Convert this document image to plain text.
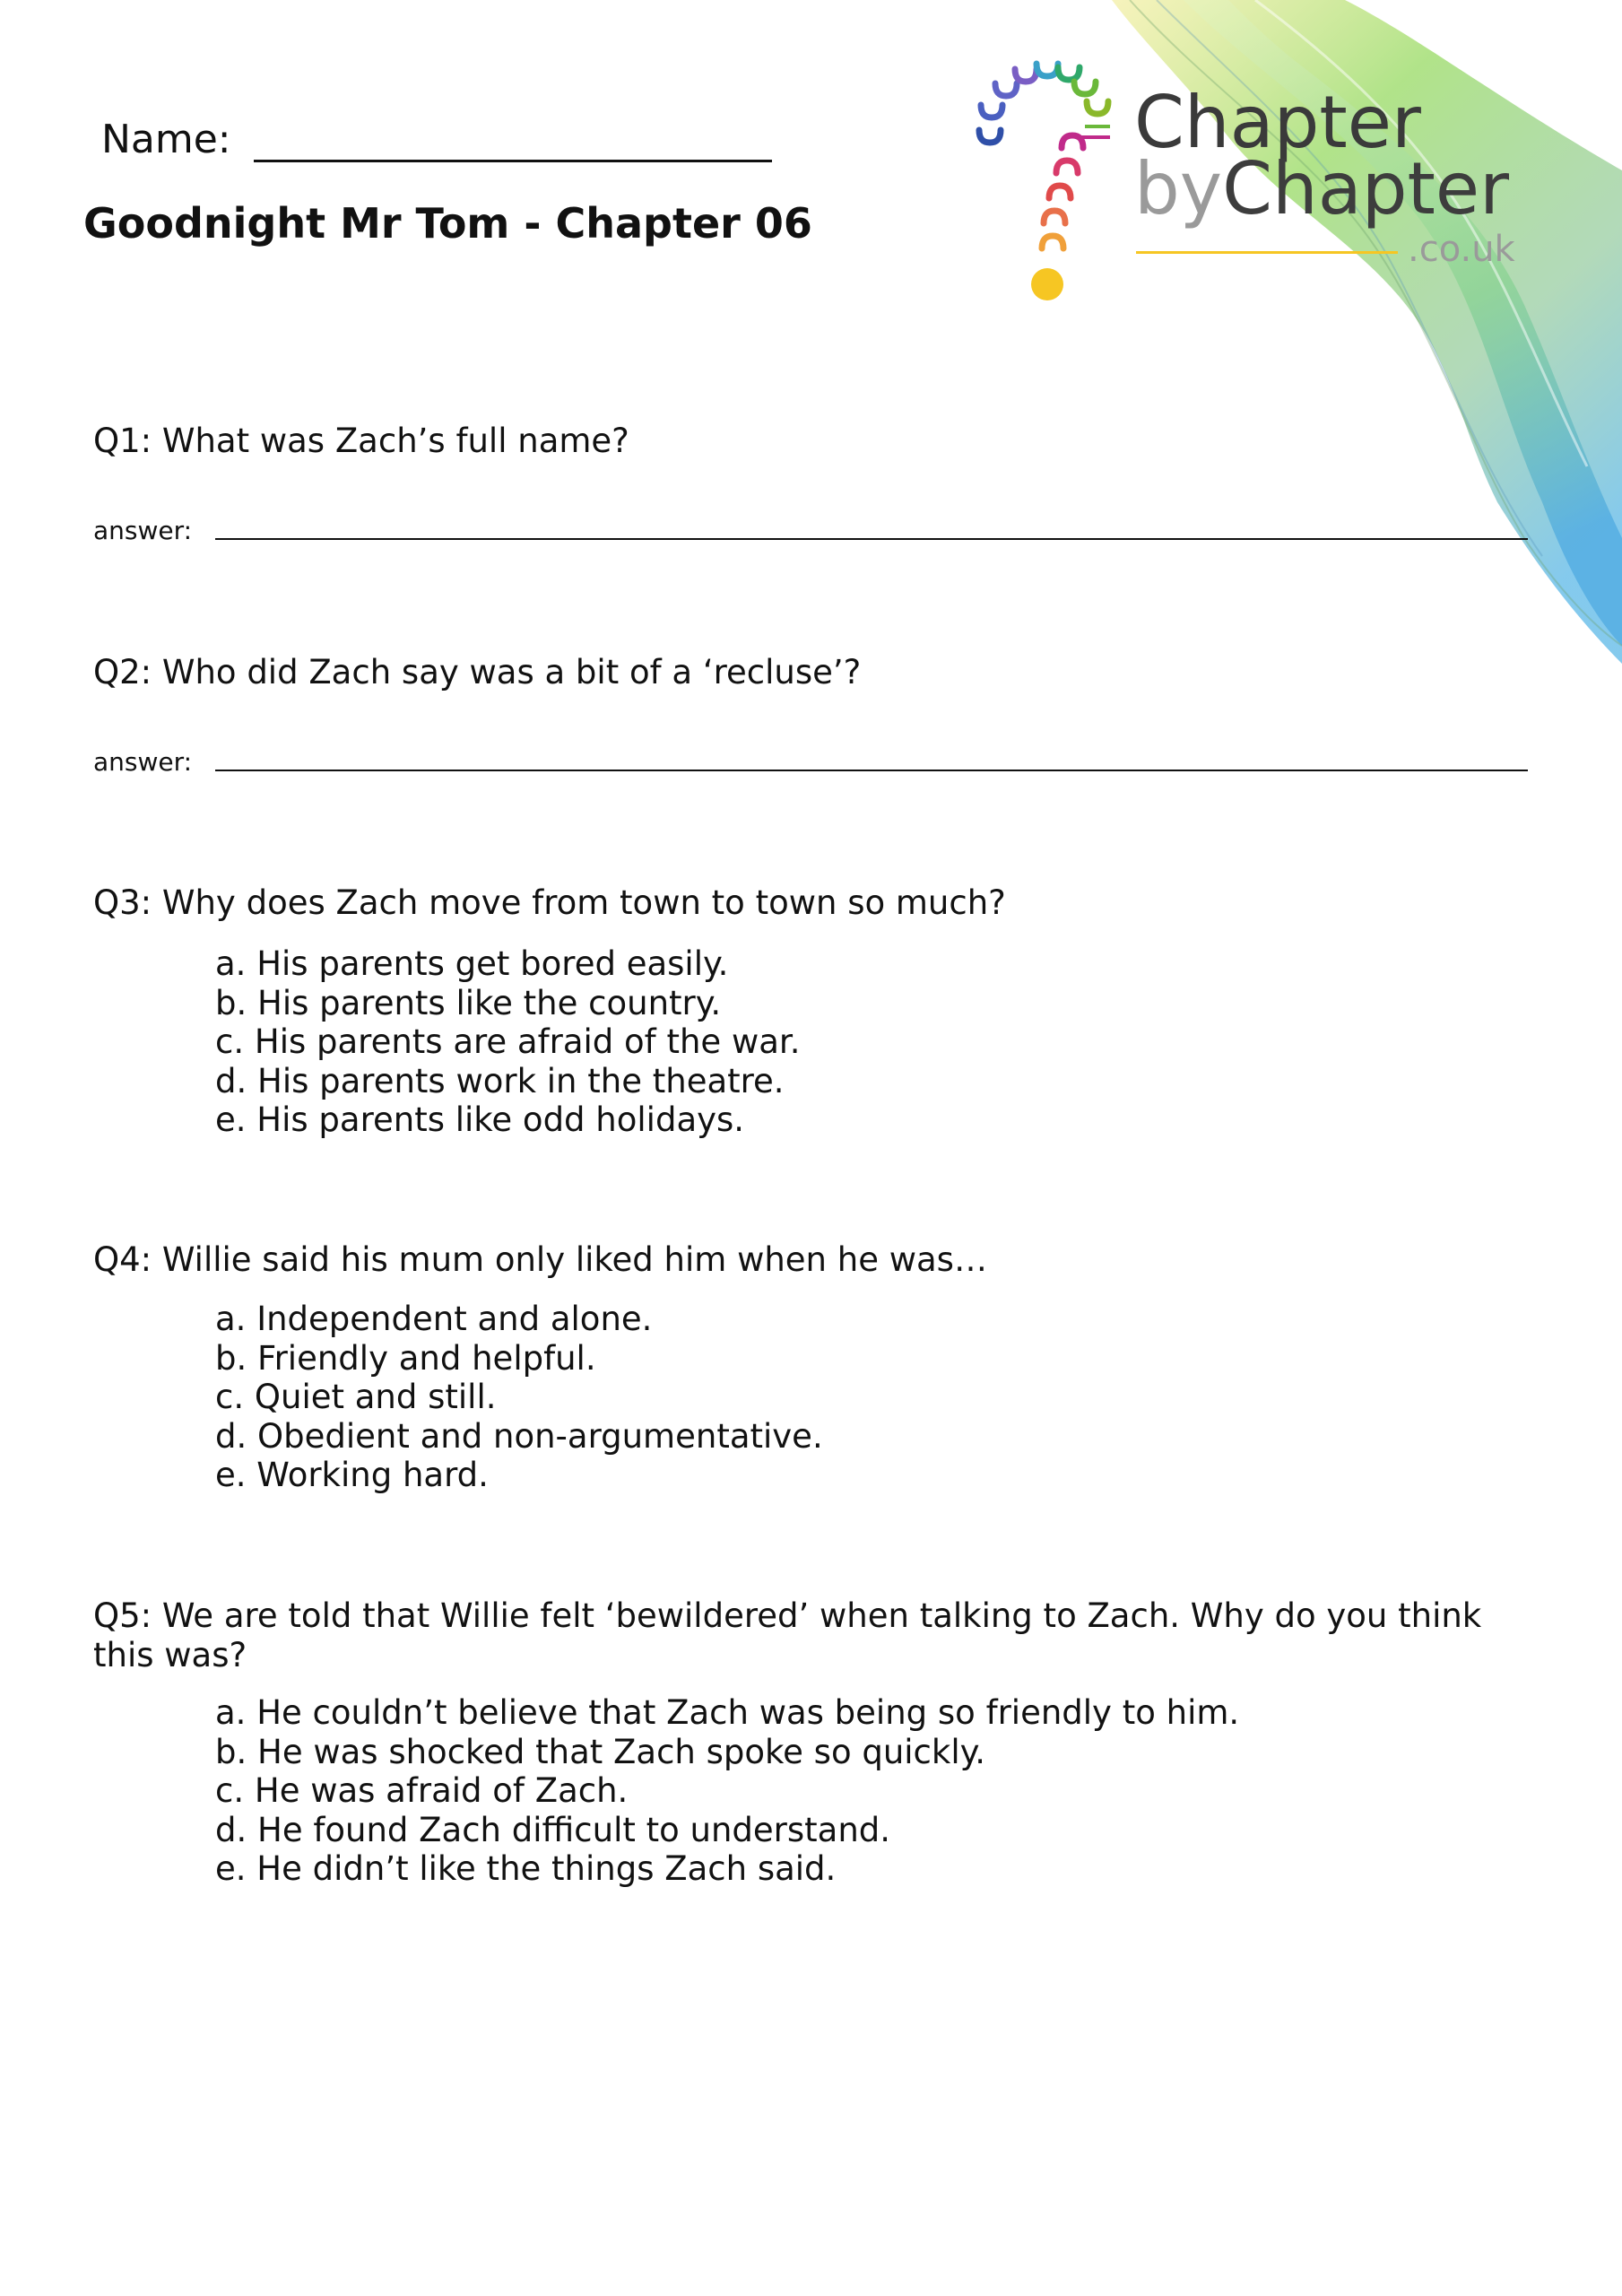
Chapter
byChapter
.co.uk
Name:
Goodnight Mr Tom - Chapter 06
Q1: What was Zach’s full name?
answer:
Q2: Who did Zach say was a bit of a ‘recluse’?
answer:
Q3: Why does Zach move from town to town so much?
a. His parents get bored easily.
b. His parents like the country.
c. His parents are afraid of the war.
d. His parents work in the theatre.
e. His parents like odd holidays.
Q4: Willie said his mum only liked him when he was…
a. Independent and alone.
b. Friendly and helpful.
c. Quiet and still.
d. Obedient and non-argumentative.
e. Working hard.
Q5: We are told that Willie felt ‘bewildered’ when talking to Zach. Why do you think this was?
a. He couldn’t believe that Zach was being so friendly to him.
b. He was shocked that Zach spoke so quickly.
c. He was afraid of Zach.
d. He found Zach difficult to understand.
e. He didn’t like the things Zach said.
